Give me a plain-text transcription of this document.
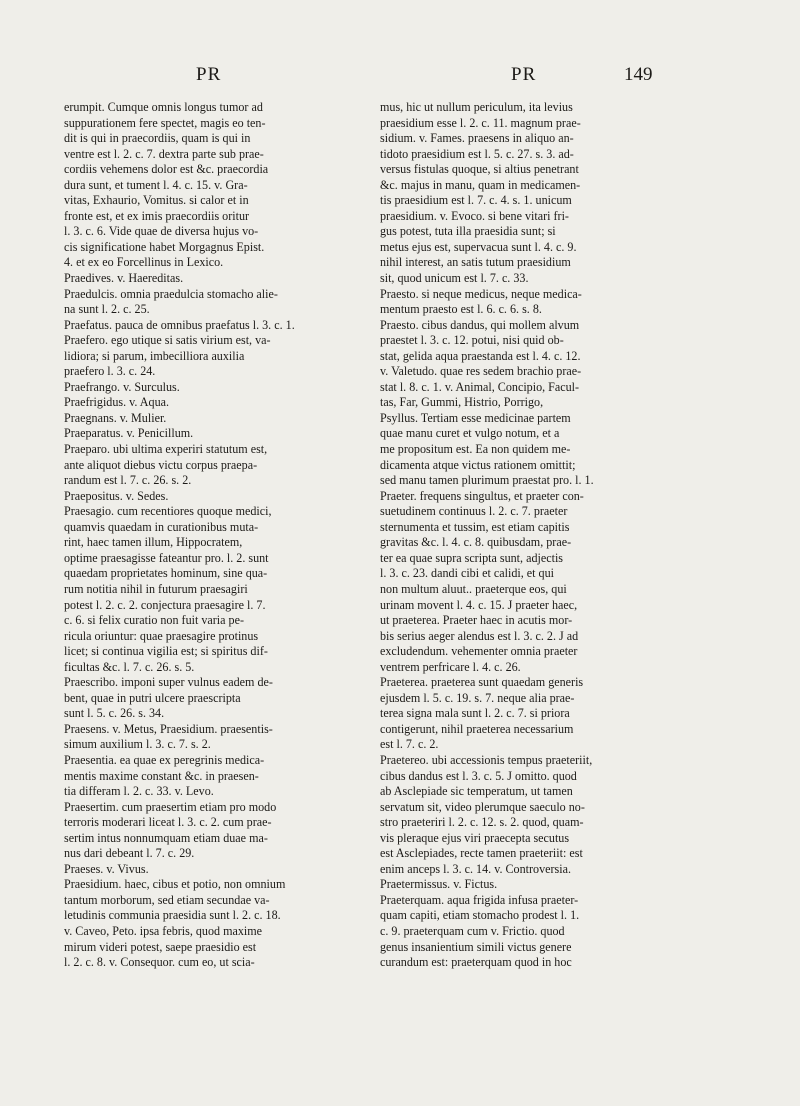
PR	PR	149
erumpit. Cumque omnis longus tumor ad
suppurationem fere spectet, magis eo ten-
dit is qui in praecordiis, quam is qui in
ventre est l. 2. c. 7. dextra parte sub prae-
cordiis vehemens dolor est &c. praecordia
dura sunt, et tument l. 4. c. 15. v. Gra-
vitas, Exhaurio, Vomitus. si calor et in
fronte est, et ex imis praecordiis oritur
l. 3. c. 6. Vide quae de diversa hujus vo-
cis significatione habet Morgagnus Epist.
4. et ex eo Forcellinus in Lexico.
Praedives. v. Haereditas.
Praedulcis. omnia praedulcia stomacho alie-
na sunt l. 2. c. 25.
Praefatus. pauca de omnibus praefatus l. 3. c. 1.
Praefero. ego utique si satis virium est, va-
lidiora; si parum, imbecilliora auxilia
praefero l. 3. c. 24.
Praefrango. v. Surculus.
Praefrigidus. v. Aqua.
Praegnans. v. Mulier.
Praeparatus. v. Penicillum.
Praeparo. ubi ultima experiri statutum est,
ante aliquot diebus victu corpus praepa-
randum est l. 7. c. 26. s. 2.
Praepositus. v. Sedes.
Praesagio. cum recentiores quoque medici,
quamvis quaedam in curationibus muta-
rint, haec tamen illum, Hippocratem,
optime praesagisse fateantur pro. l. 2. sunt
quaedam proprietates hominum, sine qua-
rum notitia nihil in futurum praesagiri
potest l. 2. c. 2. conjectura praesagire l. 7.
c. 6. si felix curatio non fuit varia pe-
ricula oriuntur: quae praesagire protinus
licet; si continua vigilia est; si spiritus dif-
ficultas &c. l. 7. c. 26. s. 5.
Praescribo. imponi super vulnus eadem de-
bent, quae in putri ulcere praescripta
sunt l. 5. c. 26. s. 34.
Praesens. v. Metus, Praesidium. praesentis-
simum auxilium l. 3. c. 7. s. 2.
Praesentia. ea quae ex peregrinis medica-
mentis maxime constant &c. in praesen-
tia differam l. 2. c. 33. v. Levo.
Praesertim. cum praesertim etiam pro modo
terroris moderari liceat l. 3. c. 2. cum prae-
sertim intus nonnumquam etiam duae ma-
nus dari debeant l. 7. c. 29.
Praeses. v. Vivus.
Praesidium. haec, cibus et potio, non omnium
tantum morborum, sed etiam secundae va-
letudinis communia praesidia sunt l. 2. c. 18.
v. Caveo, Peto. ipsa febris, quod maxime
mirum videri potest, saepe praesidio est
l. 2. c. 8. v. Consequor. cum eo, ut scia-
mus, hic ut nullum periculum, ita levius
praesidium esse l. 2. c. 11. magnum prae-
sidium. v. Fames. praesens in aliquo an-
tidoto praesidium est l. 5. c. 27. s. 3. ad-
versus fistulas quoque, si altius penetrant
&c. majus in manu, quam in medicamen-
tis praesidium est l. 7. c. 4. s. 1. unicum
praesidium. v. Evoco. si bene vitari fri-
gus potest, tuta illa praesidia sunt; si
metus ejus est, supervacua sunt l. 4. c. 9.
nihil interest, an satis tutum praesidium
sit, quod unicum est l. 7. c. 33.
Praesto. si neque medicus, neque medica-
mentum praesto est l. 6. c. 6. s. 8.
Praesto. cibus dandus, qui mollem alvum
praestet l. 3. c. 12. potui, nisi quid ob-
stat, gelida aqua praestanda est l. 4. c. 12.
v. Valetudo. quae res sedem brachio prae-
stat l. 8. c. 1. v. Animal, Concipio, Facul-
tas, Far, Gummi, Histrio, Porrigo,
Psyllus. Tertiam esse medicinae partem
quae manu curet et vulgo notum, et a
me propositum est. Ea non quidem me-
dicamenta atque victus rationem omittit;
sed manu tamen plurimum praestat pro. l. 1.
Praeter. frequens singultus, et praeter con-
suetudinem continuus l. 2. c. 7. praeter
sternumenta et tussim, est etiam capitis
gravitas &c. l. 4. c. 8. quibusdam, prae-
ter ea quae supra scripta sunt, adjectis
l. 3. c. 23. dandi cibi et calidi, et qui
non multum aluut.. praeterque eos, qui
urinam movent l. 4. c. 15. J praeter haec,
ut praeterea. Praeter haec in acutis mor-
bis serius aeger alendus est l. 3. c. 2. J ad
excludendum. vehementer omnia praeter
ventrem perfricare l. 4. c. 26.
Praeterea. praeterea sunt quaedam generis
ejusdem l. 5. c. 19. s. 7. neque alia prae-
terea signa mala sunt l. 2. c. 7. si priora
contigerunt, nihil praeterea necessarium
est l. 7. c. 2.
Praetereo. ubi accessionis tempus praeteriit,
cibus dandus est l. 3. c. 5. J omitto. quod
ab Asclepiade sic temperatum, ut tamen
servatum sit, video plerumque saeculo no-
stro praeteriri l. 2. c. 12. s. 2. quod, quam-
vis pleraque ejus viri praecepta secutus
est Asclepiades, recte tamen praeteriit: est
enim anceps l. 3. c. 14. v. Controversia.
Praetermissus. v. Fictus.
Praeterquam. aqua frigida infusa praeter-
quam capiti, etiam stomacho prodest l. 1.
c. 9. praeterquam cum v. Frictio. quod
genus insanientium simili victus genere
curandum est: praeterquam quod in hoc
